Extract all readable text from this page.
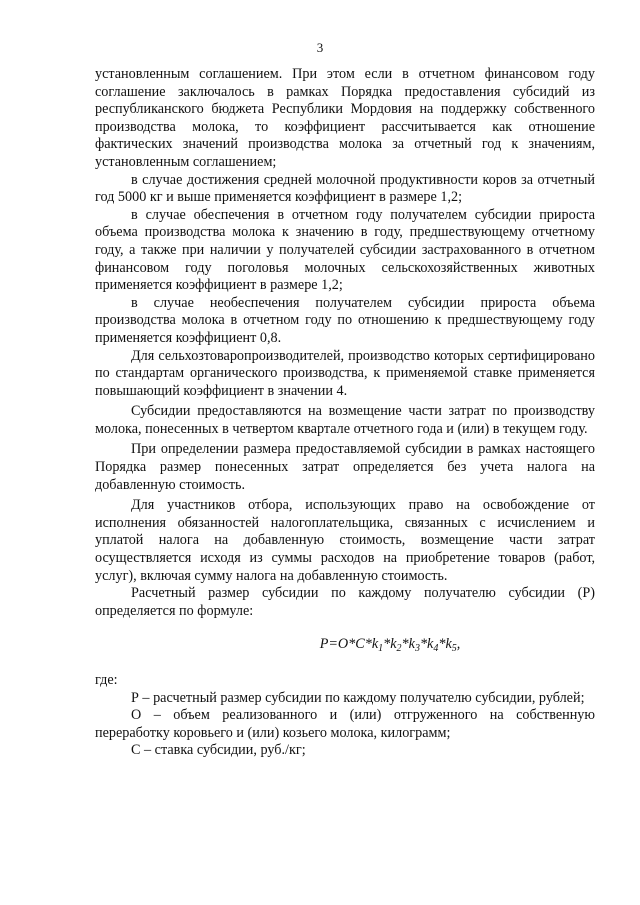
3

установленным соглашением. При этом если в отчетном финансовом году соглашение заключалось в рамках Порядка предоставления субсидий из республиканского бюджета Республики Мордовия на поддержку собственного производства молока, то коэффициент рассчитывается как отношение фактических значений производства молока за отчетный год к значениям, установленным соглашением;

в случае достижения средней молочной продуктивности коров за отчетный год 5000 кг и выше применяется коэффициент в размере 1,2;

в случае обеспечения в отчетном году получателем субсидии прироста объема производства молока к значению в году, предшествующему отчетному году, а также при наличии у получателей субсидии застрахованного в отчетном финансовом году поголовья молочных сельскохозяйственных животных применяется коэффициент в размере 1,2;

в случае необеспечения получателем субсидии прироста объема производства молока в отчетном году по отношению к предшествующему году применяется коэффициент 0,8.

Для сельхозтоваропроизводителей, производство которых сертифицировано по стандартам органического производства, к применяемой ставке применяется повышающий коэффициент в значении 4.

Субсидии предоставляются на возмещение части затрат по производству молока, понесенных в четвертом квартале отчетного года и (или) в текущем году.

При определении размера предоставляемой субсидии в рамках настоящего Порядка размер понесенных затрат определяется без учета налога на добавленную стоимость.

Для участников отбора, использующих право на освобождение от исполнения обязанностей налогоплательщика, связанных с исчислением и уплатой налога на добавленную стоимость, возмещение части затрат осуществляется исходя из суммы расходов на приобретение товаров (работ, услуг), включая сумму налога на добавленную стоимость.

Расчетный размер субсидии по каждому получателю субсидии (Р) определяется по формуле:

$P=O*C*k_1*k_2*k_3*k_4*k_5$,

где:

Р – расчетный размер субсидии по каждому получателю субсидии, рублей;

О – объем реализованного и (или) отгруженного на собственную переработку коровьего и (или) козьего молока, килограмм;

С – ставка субсидии, руб./кг;
